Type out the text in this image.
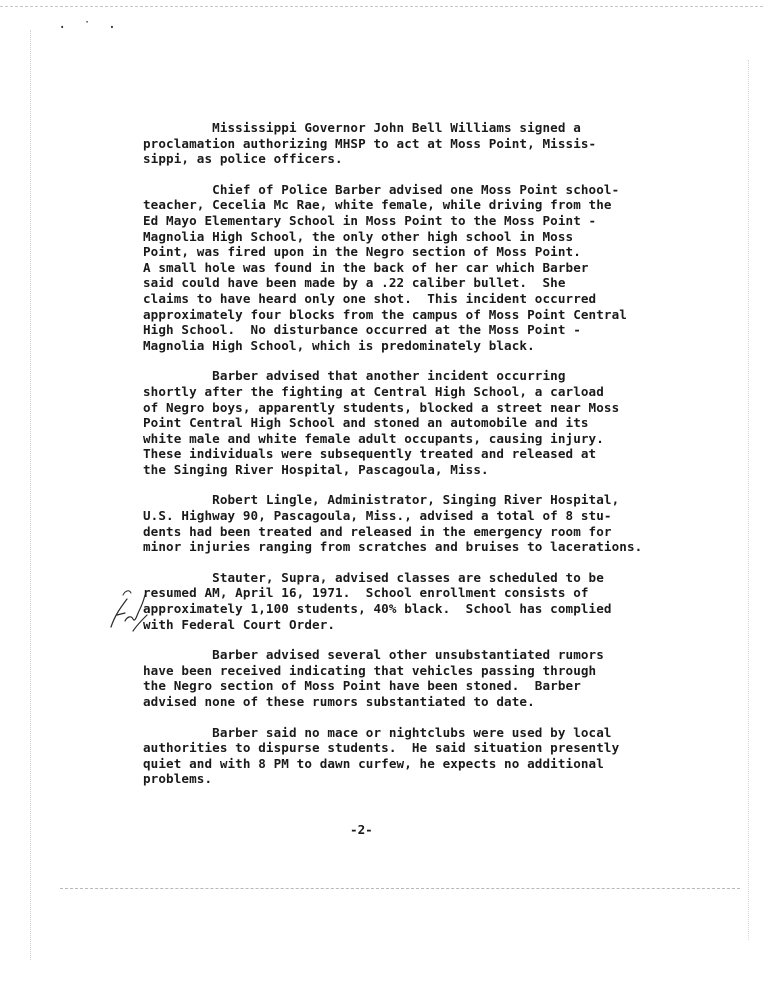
· ˙ ·
Mississippi Governor John Bell Williams signed a
proclamation authorizing MHSP to act at Moss Point, Missis-
sippi, as police officers.
Chief of Police Barber advised one Moss Point school-
teacher, Cecelia Mc Rae, white female, while driving from the
Ed Mayo Elementary School in Moss Point to the Moss Point -
Magnolia High School, the only other high school in Moss
Point, was fired upon in the Negro section of Moss Point.
A small hole was found in the back of her car which Barber
said could have been made by a .22 caliber bullet.  She
claims to have heard only one shot.  This incident occurred
approximately four blocks from the campus of Moss Point Central
High School.  No disturbance occurred at the Moss Point -
Magnolia High School, which is predominately black.
Barber advised that another incident occurring
shortly after the fighting at Central High School, a carload
of Negro boys, apparently students, blocked a street near Moss
Point Central High School and stoned an automobile and its
white male and white female adult occupants, causing injury.
These individuals were subsequently treated and released at
the Singing River Hospital, Pascagoula, Miss.
Robert Lingle, Administrator, Singing River Hospital,
U.S. Highway 90, Pascagoula, Miss., advised a total of 8 stu-
dents had been treated and released in the emergency room for
minor injuries ranging from scratches and bruises to lacerations.
Stauter, Supra, advised classes are scheduled to be
resumed AM, April 16, 1971.  School enrollment consists of
approximately 1,100 students, 40% black.  School has complied
with Federal Court Order.
Barber advised several other unsubstantiated rumors
have been received indicating that vehicles passing through
the Negro section of Moss Point have been stoned.  Barber
advised none of these rumors substantiated to date.
Barber said no mace or nightclubs were used by local
authorities to dispurse students.  He said situation presently
quiet and with 8 PM to dawn curfew, he expects no additional
problems.
-2-
